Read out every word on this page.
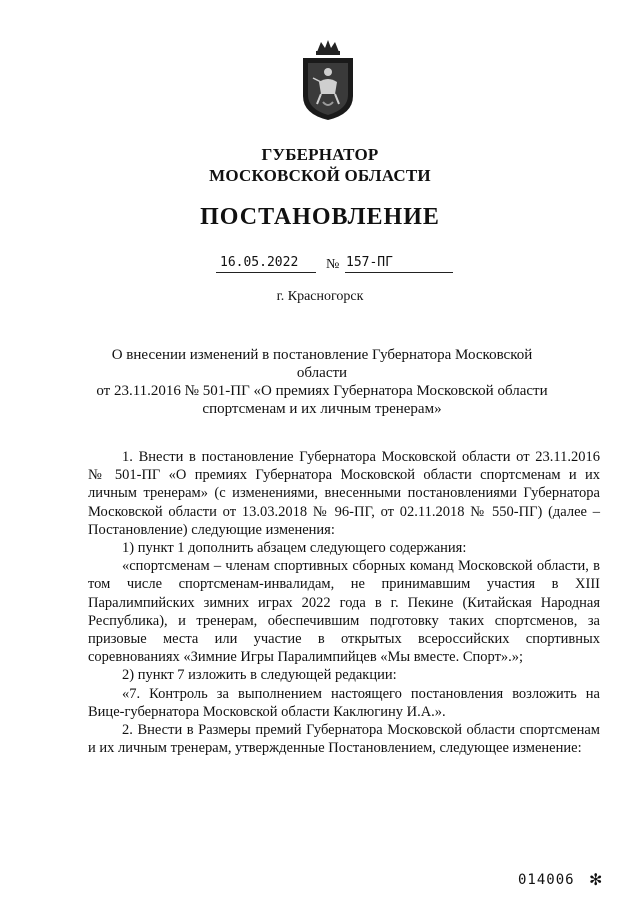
ГУБЕРНАТОР
МОСКОВСКОЙ ОБЛАСТИ
ПОСТАНОВЛЕНИЕ
16.05.2022	№ 157-ПГ
г. Красногорск
О внесении изменений в постановление Губернатора Московской области
от 23.11.2016 № 501-ПГ «О премиях Губернатора Московской области
спортсменам и их личным тренерам»

1. Внести в постановление Губернатора Московской области от 23.11.2016 № 501-ПГ «О премиях Губернатора Московской области спортсменам и их личным тренерам» (с изменениями, внесенными постановлениями Губернатора Московской области от 13.03.2018 № 96-ПГ, от 02.11.2018 № 550-ПГ) (далее – Постановление) следующие изменения:

1) пункт 1 дополнить абзацем следующего содержания:

«спортсменам – членам спортивных сборных команд Московской области, в том числе спортсменам-инвалидам, не принимавшим участия в XIII Паралимпийских зимних играх 2022 года в г. Пекине (Китайская Народная Республика), и тренерам, обеспечившим подготовку таких спортсменов, за призовые места или участие в открытых всероссийских спортивных соревнованиях «Зимние Игры Паралимпийцев «Мы вместе. Спорт».»;

2) пункт 7 изложить в следующей редакции:

«7. Контроль за выполнением настоящего постановления возложить на Вице-губернатора Московской области Каклюгину И.А.».

2. Внести в Размеры премий Губернатора Московской области спортсменам и их личным тренерам, утвержденные Постановлением, следующее изменение:

014006 ✻
